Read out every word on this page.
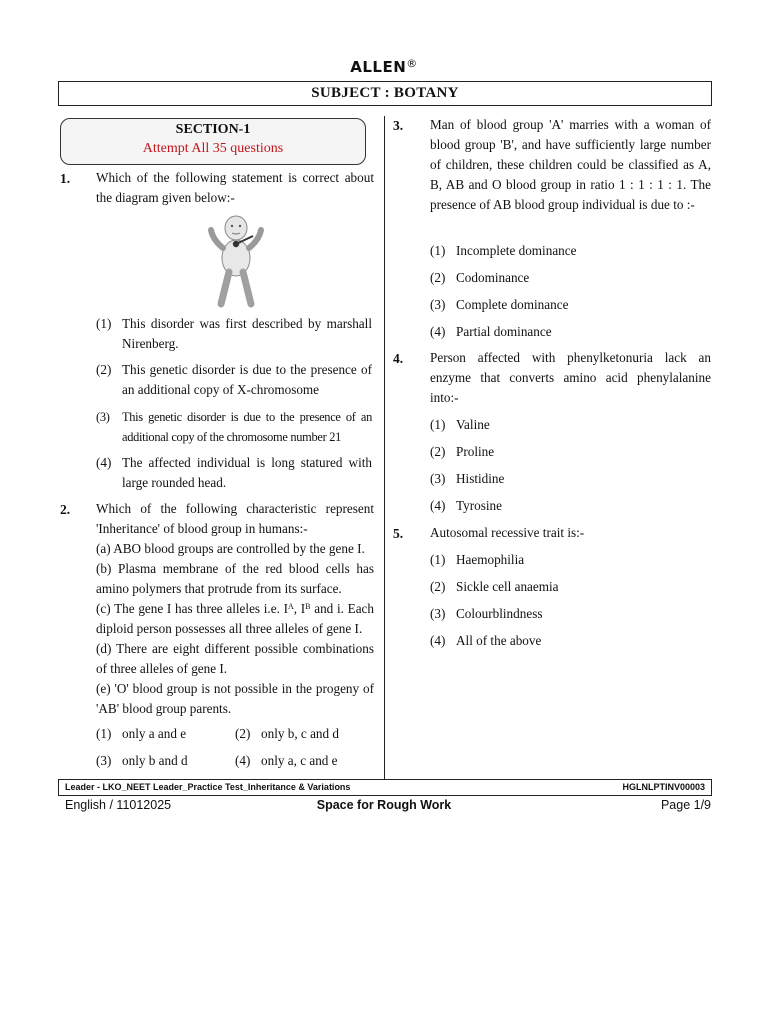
ALLEN®
SUBJECT : BOTANY
SECTION-1
Attempt All 35 questions
1. Which of the following statement is correct about the diagram given below:-
(1) This disorder was first described by marshall Nirenberg.
(2) This genetic disorder is due to the presence of an additional copy of X-chromosome
(3) This genetic disorder is due to the presence of an additional copy of the chromosome number 21
(4) The affected individual is long statured with large rounded head.
2. Which of the following characteristic represent 'Inheritance' of blood group in humans:-
(a) ABO blood groups are controlled by the gene I.
(b) Plasma membrane of the red blood cells has amino polymers that protrude from its surface.
(c) The gene I has three alleles i.e. $I^A$, $I^B$ and i. Each diploid person possesses all three alleles of gene I.
(d) There are eight different possible combinations of three alleles of gene I.
(e) 'O' blood group is not possible in the progeny of 'AB' blood group parents.
(1) only a and e	(2) only b, c and d
(3) only b and d	(4) only a, c and e
3. Man of blood group 'A' marries with a woman of blood group 'B', and have sufficiently large number of children, these children could be classified as A, B, AB and O blood group in ratio 1 : 1 : 1 : 1. The presence of AB blood group individual is due to :-
(1) Incomplete dominance
(2) Codominance
(3) Complete dominance
(4) Partial dominance
4. Person affected with phenylketonuria lack an enzyme that converts amino acid phenylalanine into:-
(1) Valine
(2) Proline
(3) Histidine
(4) Tyrosine
5. Autosomal recessive trait is:-
(1) Haemophilia
(2) Sickle cell anaemia
(3) Colourblindness
(4) All of the above
Leader - LKO_NEET Leader_Practice Test_Inheritance & Variations	HGLNLPTINV00003
English / 11012025	Space for Rough Work	Page 1/9
